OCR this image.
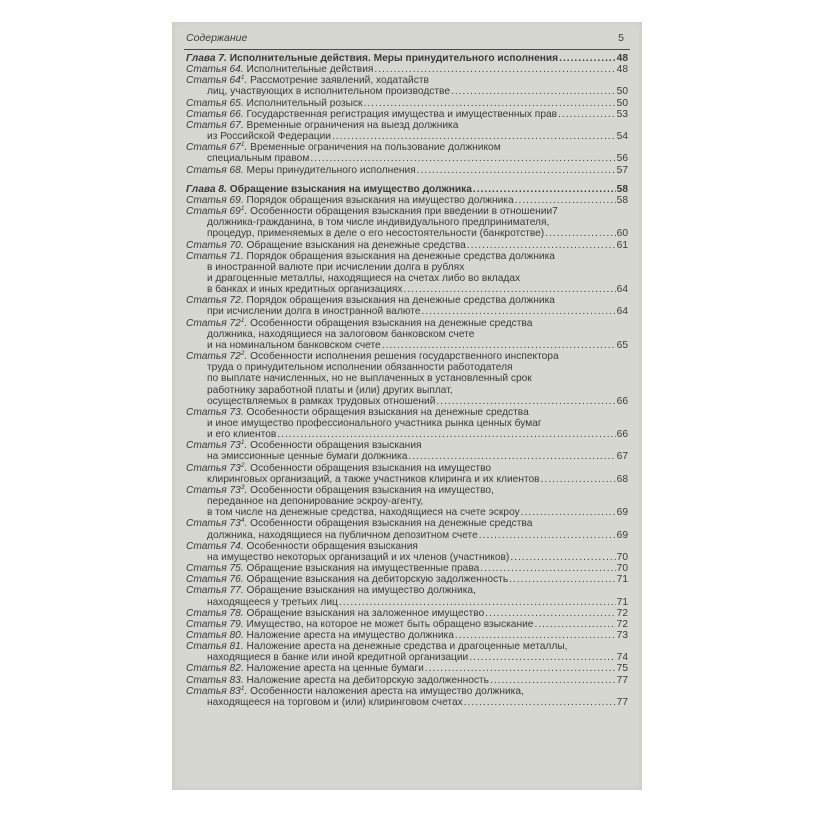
Содержание	5
Глава 7. Исполнительные действия. Меры принудительного исполнения .....	48
Статья 64. Исполнительные действия .....	48
Статья $64^1$. Рассмотрение заявлений, ходатайств
лиц, участвующих в исполнительном производстве .....	50
Статья 65. Исполнительный розыск .....	50
Статья 66. Государственная регистрация имущества и имущественных прав .....	53
Статья 67. Временные ограничения на выезд должника
из Российской Федерации .....	54
Статья $67^1$. Временные ограничения на пользование должником
специальным правом .....	56
Статья 68. Меры принудительного исполнения .....	57
Глава 8. Обращение взыскания на имущество должника .....	58
Статья 69. Порядок обращения взыскания на имущество должника .....	58
Статья $69^1$. Особенности обращения взыскания при введении в отношении7
должника-гражданина, в том числе индивидуального предпринимателя,
процедур, применяемых в деле о его несостоятельности (банкротстве) .....	60
Статья 70. Обращение взыскания на денежные средства .....	61
Статья 71. Порядок обращения взыскания на денежные средства должника
в иностранной валюте при исчислении долга в рублях
и драгоценные металлы, находящиеся на счетах либо во вкладах
в банках и иных кредитных организациях .....	64
Статья 72. Порядок обращения взыскания на денежные средства должника
при исчислении долга в иностранной валюте .....	64
Статья $72^1$. Особенности обращения взыскания на денежные средства
должника, находящиеся на залоговом банковском счете
и на номинальном банковском счете .....	65
Статья $72^2$. Особенности исполнения решения государственного инспектора
труда о принудительном исполнении обязанности работодателя
по выплате начисленных, но не выплаченных в установленный срок
работнику заработной платы и (или) других выплат,
осуществляемых в рамках трудовых отношений .....	66
Статья 73. Особенности обращения взыскания на денежные средства
и иное имущество профессионального участника рынка ценных бумаг
и его клиентов .....	66
Статья $73^1$. Особенности обращения взыскания
на эмиссионные ценные бумаги должника .....	67
Статья $73^2$. Особенности обращения взыскания на имущество
клиринговых организаций, а также участников клиринга и их клиентов .....	68
Статья $73^3$. Особенности обращения взыскания на имущество,
переданное на депонирование эскроу-агенту,
в том числе на денежные средства, находящиеся на счете эскроу .....	69
Статья $73^4$. Особенности обращения взыскания на денежные средства
должника, находящиеся на публичном депозитном счете .....	69
Статья 74. Особенности обращения взыскания
на имущество некоторых организаций и их членов (участников) .....	70
Статья 75. Обращение взыскания на имущественные права .....	70
Статья 76. Обращение взыскания на дебиторскую задолженность .....	71
Статья 77. Обращение взыскания на имущество должника,
находящееся у третьих лиц .....	71
Статья 78. Обращение взыскания на заложенное имущество .....	72
Статья 79. Имущество, на которое не может быть обращено взыскание .....	72
Статья 80. Наложение ареста на имущество должника .....	73
Статья 81. Наложение ареста на денежные средства и драгоценные металлы,
находящиеся в банке или иной кредитной организации .....	74
Статья 82. Наложение ареста на ценные бумаги .....	75
Статья 83. Наложение ареста на дебиторскую задолженность .....	77
Статья $83^1$. Особенности наложения ареста на имущество должника,
находящееся на торговом и (или) клиринговом счетах .....	77
